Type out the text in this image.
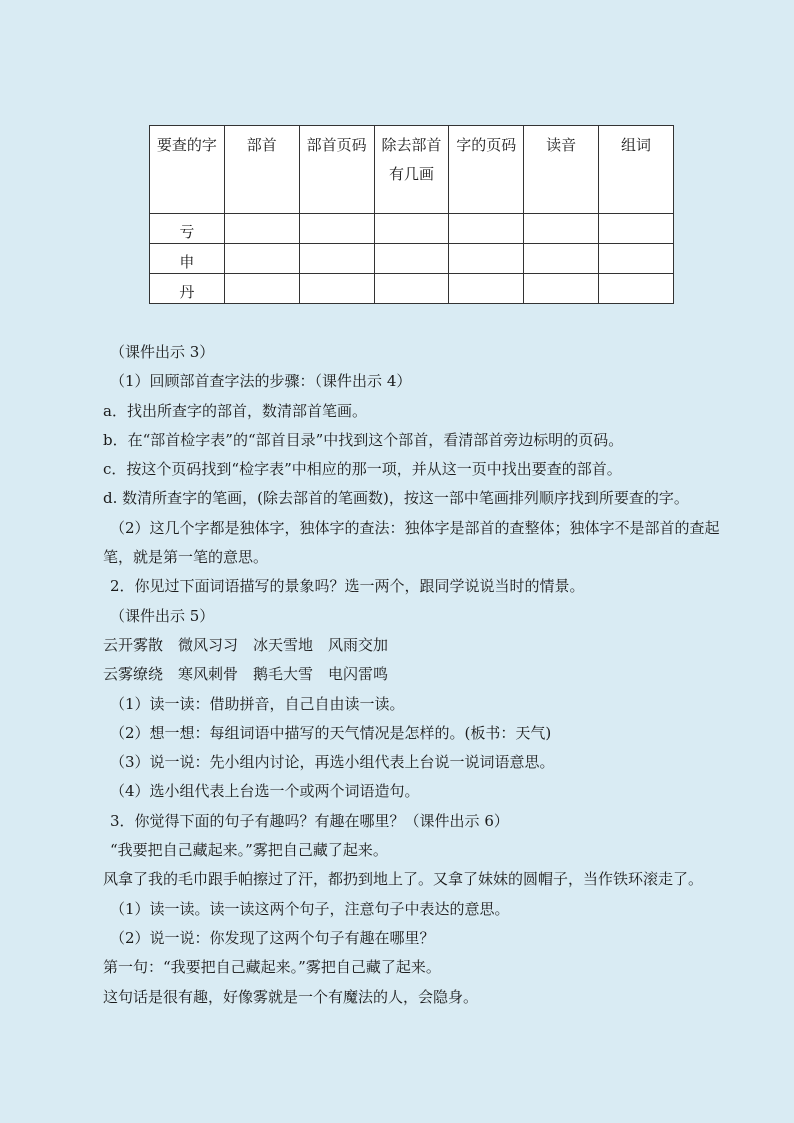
要查的字	部首	部首页码	除去部首有几画	字的页码	读音	组词
亏						
申						
丹						

（课件出示 3）

（1）回顾部首查字法的步骤：（课件出示 4）

a．找出所查字的部首，数清部首笔画。

b．在“部首检字表”的“部首目录”中找到这个部首，看清部首旁边标明的页码。

c．按这个页码找到“检字表”中相应的那一项，并从这一页中找出要查的部首。

d. 数清所查字的笔画，(除去部首的笔画数)，按这一部中笔画排列顺序找到所要查的字。

（2）这几个字都是独体字，独体字的查法：独体字是部首的查整体；独体字不是部首的查起笔，就是第一笔的意思。

2．你见过下面词语描写的景象吗？选一两个，跟同学说说当时的情景。

（课件出示 5）

云开雾散　微风习习　冰天雪地　风雨交加

云雾缭绕　寒风刺骨　鹅毛大雪　电闪雷鸣

（1）读一读：借助拼音，自己自由读一读。

（2）想一想：每组词语中描写的天气情况是怎样的。(板书：天气)

（3）说一说：先小组内讨论，再选小组代表上台说一说词语意思。

（4）选小组代表上台选一个或两个词语造句。

3．你觉得下面的句子有趣吗？有趣在哪里？（课件出示 6）

“我要把自己藏起来。”雾把自己藏了起来。

风拿了我的毛巾跟手帕擦过了汗，都扔到地上了。又拿了妹妹的圆帽子，当作铁环滚走了。

（1）读一读。读一读这两个句子，注意句子中表达的意思。

（2）说一说：你发现了这两个句子有趣在哪里？

第一句：“我要把自己藏起来。”雾把自己藏了起来。

这句话是很有趣，好像雾就是一个有魔法的人，会隐身。
